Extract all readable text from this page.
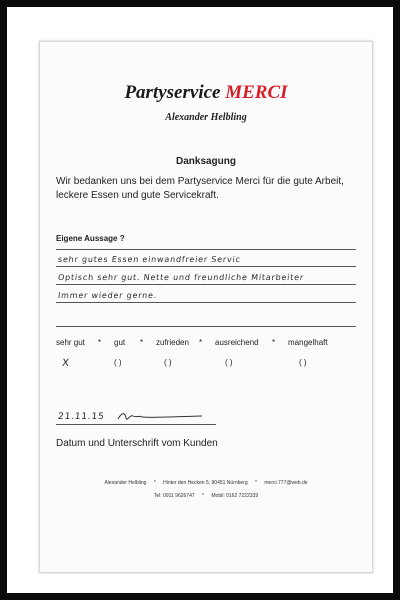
Partyservice MERCI
Alexander Helbling
Danksagung
Wir bedanken uns bei dem Partyservice Merci für die gute Arbeit, leckere Essen und gute Servicekraft.
Eigene Aussage ?
sehr gutes Essen einwandfreier Servic
Optisch sehr gut. Nette und freundliche Mitarbeiter
Immer wieder gerne.
sehr gut * gut * zufrieden * ausreichend * mangelhaft
X	( )	( )	( )	( )
21.11.15
Datum und Unterschrift vom Kunden
Alexander Helbling * Hinter den Hecken 5, 90451 Nürnberg * merci.777@web.de
Tel: 0911 9626747 * Mobil: 0162 7222339
